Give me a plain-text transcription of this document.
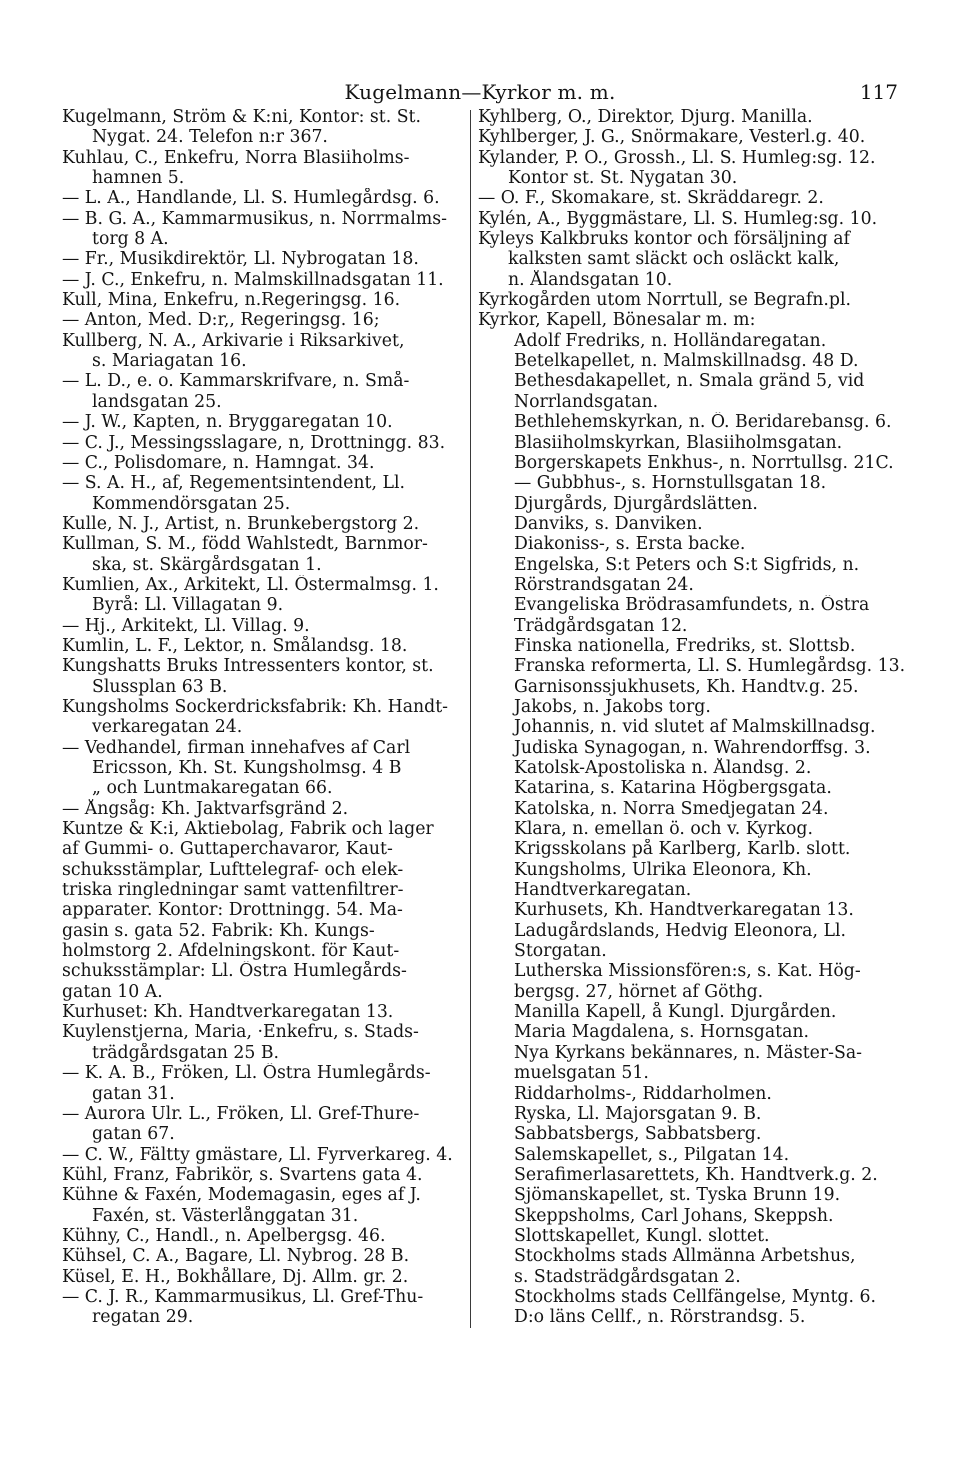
Kugelmann—Kyrkor m. m.	117
Kugelmann, Ström & K:ni, Kontor: st. St.
Nygat. 24. Telefon n:r 367.
Kuhlau, C., Enkefru, Norra Blasiiholms-
hamnen 5.
— L. A., Handlande, Ll. S. Humlegårdsg. 6.
— B. G. A., Kammarmusikus, n. Norrmalms-
torg 8 A.
— Fr., Musikdirektör, Ll. Nybrogatan 18.
— J. C., Enkefru, n. Malmskillnadsgatan 11.
Kull, Mina, Enkefru, n.Regeringsg. 16.
— Anton, Med. D:r,, Regeringsg. 16;
Kullberg, N. A., Arkivarie i Riksarkivet,
s. Mariagatan 16.
— L. D., e. o. Kammarskrifvare, n. Små-
landsgatan 25.
— J. W., Kapten, n. Bryggaregatan 10.
— C. J., Messingsslagare, n, Drottningg. 83.
— C., Polisdomare, n. Hamngat. 34.
— S. A. H., af, Regementsintendent, Ll.
Kommendörsgatan 25.
Kulle, N. J., Artist, n. Brunkebergstorg 2.
Kullman, S. M., född Wahlstedt, Barnmor-
ska, st. Skärgårdsgatan 1.
Kumlien, Ax., Arkitekt, Ll. Östermalmsg. 1.
Byrå: Ll. Villagatan 9.
— Hj., Arkitekt, Ll. Villag. 9.
Kumlin, L. F., Lektor, n. Smålandsg. 18.
Kungshatts Bruks Intressenters kontor, st.
Slussplan 63 B.
Kungsholms Sockerdricksfabrik: Kh. Handt-
verkaregatan 24.
— Vedhandel, firman innehafves af Carl
Ericsson, Kh. St. Kungsholmsg. 4 B
„ och Luntmakaregatan 66.
— Ångsåg: Kh. Jaktvarfsgränd 2.
Kuntze & K:i, Aktiebolag, Fabrik och lager
af Gummi- o. Guttaperchavaror, Kaut-
schuksstämplar, Lufttelegraf- och elek-
triska ringledningar samt vattenfiltrer-
apparater. Kontor: Drottningg. 54. Ma-
gasin s. gata 52. Fabrik: Kh. Kungs-
holmstorg 2. Afdelningskont. för Kaut-
schuksstämplar: Ll. Östra Humlegårds-
gatan 10 A.
Kurhuset: Kh. Handtverkaregatan 13.
Kuylenstjerna, Maria, ·Enkefru, s. Stads-
trädgårdsgatan 25 B.
— K. A. B., Fröken, Ll. Östra Humlegårds-
gatan 31.
— Aurora Ulr. L., Fröken, Ll. Gref-Thure-
gatan 67.
— C. W., Fältty gmästare, Ll. Fyrverkareg. 4.
Kühl, Franz, Fabrikör, s. Svartens gata 4.
Kühne & Faxén, Modemagasin, eges af J.
Faxén, st. Västerlånggatan 31.
Kühny, C., Handl., n. Apelbergsg. 46.
Kühsel, C. A., Bagare, Ll. Nybrog. 28 B.
Küsel, E. H., Bokhållare, Dj. Allm. gr. 2.
— C. J. R., Kammarmusikus, Ll. Gref-Thu-
regatan 29.
Kyhlberg, O., Direktor, Djurg. Manilla.
Kyhlberger, J. G., Snörmakare, Vesterl.g. 40.
Kylander, P. O., Grossh., Ll. S. Humleg:sg. 12.
Kontor st. St. Nygatan 30.
— O. F., Skomakare, st. Skräddaregr. 2.
Kylén, A., Byggmästare, Ll. S. Humleg:sg. 10.
Kyleys Kalkbruks kontor och försäljning af
kalksten samt släckt och osläckt kalk,
n. Ålandsgatan 10.
Kyrkogården utom Norrtull, se Begrafn.pl.
Kyrkor, Kapell, Bönesalar m. m:
Adolf Fredriks, n. Holländaregatan.
Betelkapellet, n. Malmskillnadsg. 48 D.
Bethesdakapellet, n. Smala gränd 5, vid
Norrlandsgatan.
Bethlehemskyrkan, n. Ö. Beridarebansg. 6.
Blasiiholmskyrkan, Blasiiholmsgatan.
Borgerskapets Enkhus-, n. Norrtullsg. 21C.
— Gubbhus-, s. Hornstullsgatan 18.
Djurgårds, Djurgårdslätten.
Danviks, s. Danviken.
Diakoniss-, s. Ersta backe.
Engelska, S:t Peters och S:t Sigfrids, n.
Rörstrandsgatan 24.
Evangeliska Brödrasamfundets, n. Östra
Trädgårdsgatan 12.
Finska nationella, Fredriks, st. Slottsb.
Franska reformerta, Ll. S. Humlegårdsg. 13.
Garnisonssjukhusets, Kh. Handtv.g. 25.
Jakobs, n. Jakobs torg.
Johannis, n. vid slutet af Malmskillnadsg.
Judiska Synagogan, n. Wahrendorffsg. 3.
Katolsk-Apostoliska n. Ålandsg. 2.
Katarina, s. Katarina Högbergsgata.
Katolska, n. Norra Smedjegatan 24.
Klara, n. emellan ö. och v. Kyrkog.
Krigsskolans på Karlberg, Karlb. slott.
Kungsholms, Ulrika Eleonora, Kh.
Handtverkaregatan.
Kurhusets, Kh. Handtverkaregatan 13.
Ladugårdslands, Hedvig Eleonora, Ll.
Storgatan.
Lutherska Missionsfören:s, s. Kat. Hög-
bergsg. 27, hörnet af Göthg.
Manilla Kapell, å Kungl. Djurgården.
Maria Magdalena, s. Hornsgatan.
Nya Kyrkans bekännares, n. Mäster-Sa-
muelsgatan 51.
Riddarholms-, Riddarholmen.
Ryska, Ll. Majorsgatan 9. B.
Sabbatsbergs, Sabbatsberg.
Salemskapellet, s., Pilgatan 14.
Serafimerlasarettets, Kh. Handtverk.g. 2.
Sjömanskapellet, st. Tyska Brunn 19.
Skeppsholms, Carl Johans, Skeppsh.
Slottskapellet, Kungl. slottet.
Stockholms stads Allmänna Arbetshus,
s. Stadsträdgårdsgatan 2.
Stockholms stads Cellfängelse, Myntg. 6.
D:o läns Cellf., n. Rörstrandsg. 5.
